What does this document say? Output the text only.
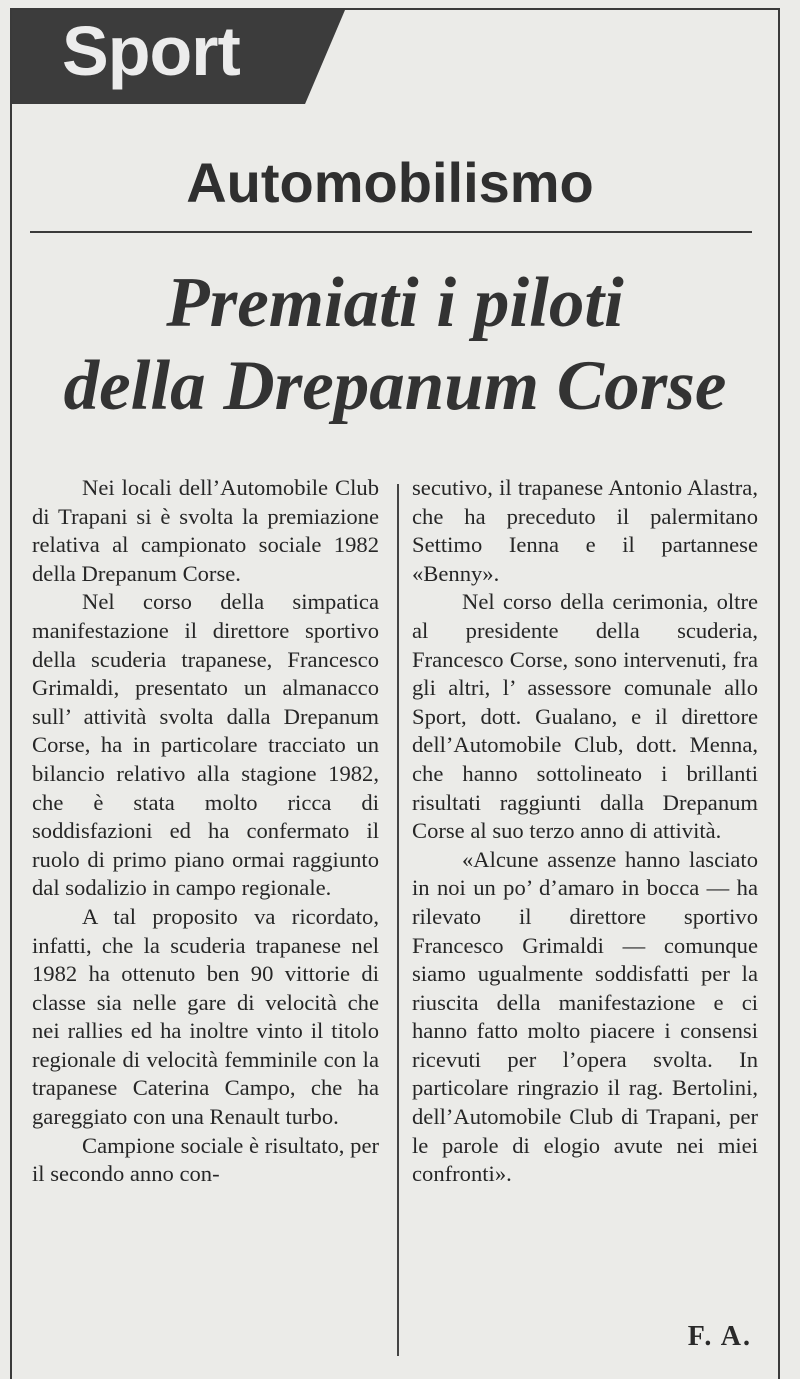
Sport
Automobilismo
Premiati i piloti
della Drepanum Corse

Nei locali dell’Automobile Club di Trapani si è svolta la premiazione relativa al campionato sociale 1982 della Drepanum Corse.

Nel corso della simpatica manifestazione il direttore sportivo della scuderia trapanese, Francesco Grimaldi, presentato un almanacco sull’ attività svolta dalla Drepanum Corse, ha in particolare tracciato un bilancio relativo alla stagione 1982, che è stata molto ricca di soddisfazioni ed ha confermato il ruolo di primo piano ormai raggiunto dal sodalizio in campo regionale.

A tal proposito va ricordato, infatti, che la scuderia trapanese nel 1982 ha ottenuto ben 90 vittorie di classe sia nelle gare di velocità che nei rallies ed ha inoltre vinto il titolo regionale di velocità femminile con la trapanese Caterina Campo, che ha gareggiato con una Renault turbo.

Campione sociale è risultato, per il secondo anno con-

secutivo, il trapanese Antonio Alastra, che ha preceduto il palermitano Settimo Ienna e il partannese «Benny».

Nel corso della cerimonia, oltre al presidente della scuderia, Francesco Corse, sono intervenuti, fra gli altri, l’ assessore comunale allo Sport, dott. Gualano, e il direttore dell’Automobile Club, dott. Menna, che hanno sottolineato i brillanti risultati raggiunti dalla Drepanum Corse al suo terzo anno di attività.

«Alcune assenze hanno lasciato in noi un po’ d’amaro in bocca — ha rilevato il direttore sportivo Francesco Grimaldi — comunque siamo ugualmente soddisfatti per la riuscita della manifestazione e ci hanno fatto molto piacere i consensi ricevuti per l’opera svolta. In particolare ringrazio il rag. Bertolini, dell’Automobile Club di Trapani, per le parole di elogio avute nei miei confronti».

F. A.
